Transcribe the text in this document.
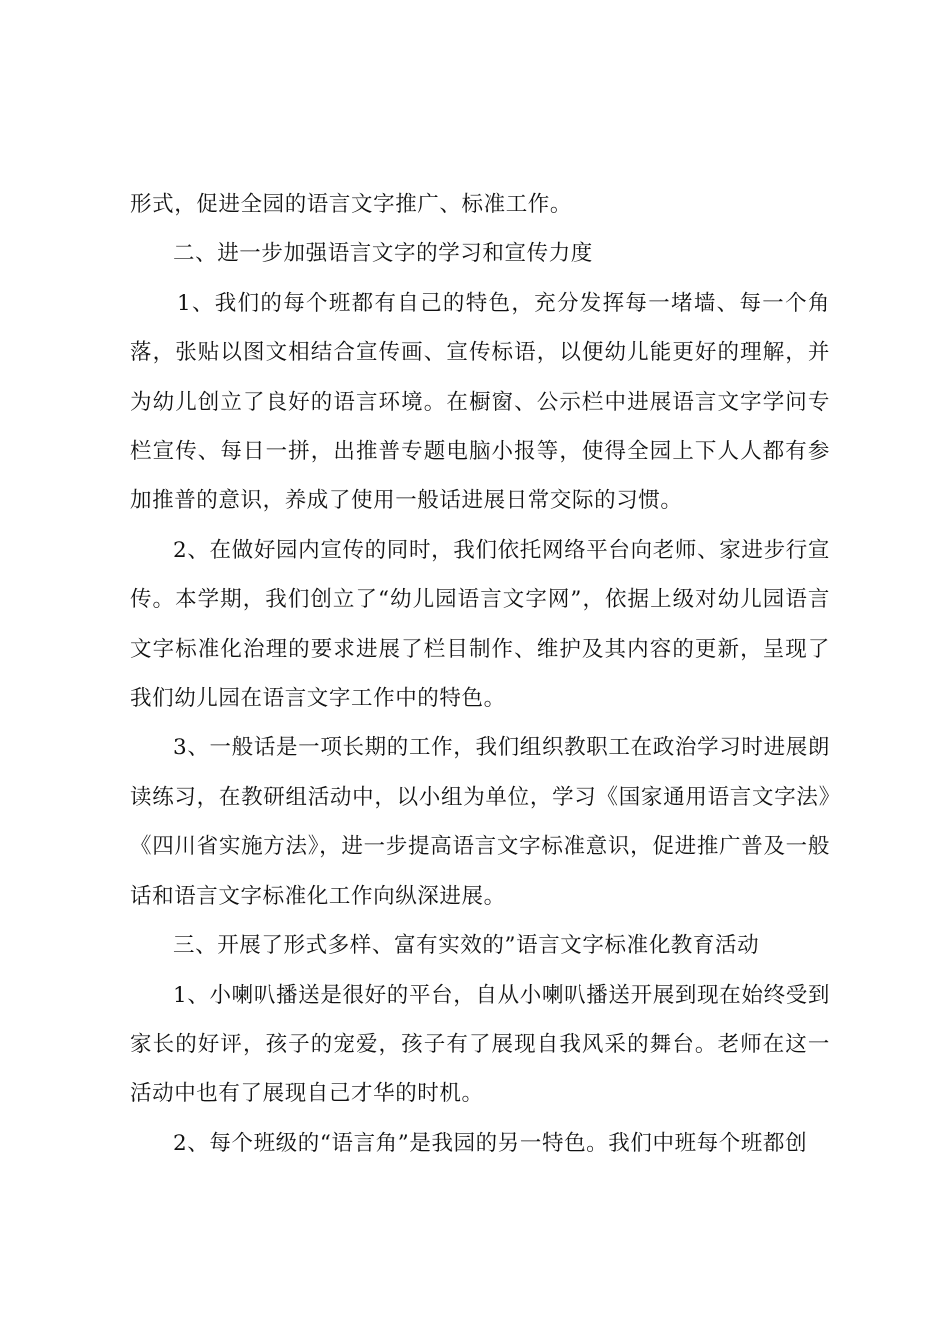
形式，促进全园的语言文字推广、标准工作。

二、进一步加强语言文字的学习和宣传力度

1、我们的每个班都有自己的特色，充分发挥每一堵墙、每一个角落，张贴以图文相结合宣传画、宣传标语，以便幼儿能更好的理解，并为幼儿创立了良好的语言环境。在橱窗、公示栏中进展语言文字学问专栏宣传、每日一拼，出推普专题电脑小报等，使得全园上下人人都有参加推普的意识，养成了使用一般话进展日常交际的习惯。

2、在做好园内宣传的同时，我们依托网络平台向老师、家进步行宣传。本学期，我们创立了“幼儿园语言文字网”，依据上级对幼儿园语言文字标准化治理的要求进展了栏目制作、维护及其内容的更新，呈现了我们幼儿园在语言文字工作中的特色。

3、一般话是一项长期的工作，我们组织教职工在政治学习时进展朗读练习，在教研组活动中，以小组为单位，学习《国家通用语言文字法》《四川省实施方法》，进一步提高语言文字标准意识，促进推广普及一般话和语言文字标准化工作向纵深进展。

三、开展了形式多样、富有实效的”语言文字标准化教育活动

1、小喇叭播送是很好的平台，自从小喇叭播送开展到现在始终受到家长的好评，孩子的宠爱，孩子有了展现自我风采的舞台。老师在这一活动中也有了展现自己才华的时机。

2、每个班级的“语言角”是我园的另一特色。我们中班每个班都创
